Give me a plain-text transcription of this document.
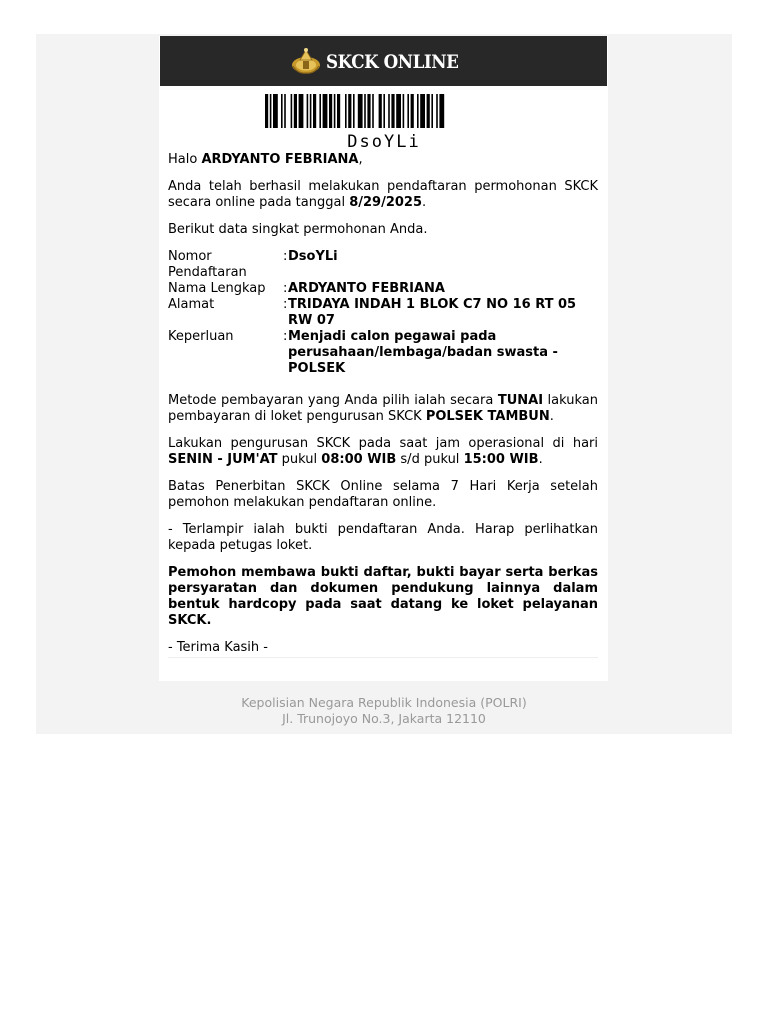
SKCK ONLINE
DsoYLi

Halo ARDYANTO FEBRIANA,

Anda telah berhasil melakukan pendaftaran permohonan SKCK secara online pada tanggal 8/29/2025.

Berikut data singkat permohonan Anda.

Nomor Pendaftaran
: DsoYLi
Nama Lengkap	: ARDYANTO FEBRIANA
Alamat	: TRIDAYA INDAH 1 BLOK C7 NO 16 RT 05 RW 07
Keperluan	: Menjadi calon pegawai pada perusahaan/lembaga/badan swasta - POLSEK

Metode pembayaran yang Anda pilih ialah secara TUNAI lakukan pembayaran di loket pengurusan SKCK POLSEK TAMBUN.

Lakukan pengurusan SKCK pada saat jam operasional di hari SENIN - JUM'AT pukul 08:00 WIB s/d pukul 15:00 WIB.

Batas Penerbitan SKCK Online selama 7 Hari Kerja setelah pemohon melakukan pendaftaran online.

- Terlampir ialah bukti pendaftaran Anda. Harap perlihatkan kepada petugas loket.

Pemohon membawa bukti daftar, bukti bayar serta berkas persyaratan dan dokumen pendukung lainnya dalam bentuk hardcopy pada saat datang ke loket pelayanan SKCK.

- Terima Kasih -

Kepolisian Negara Republik Indonesia (POLRI)
Jl. Trunojoyo No.3, Jakarta 12110
